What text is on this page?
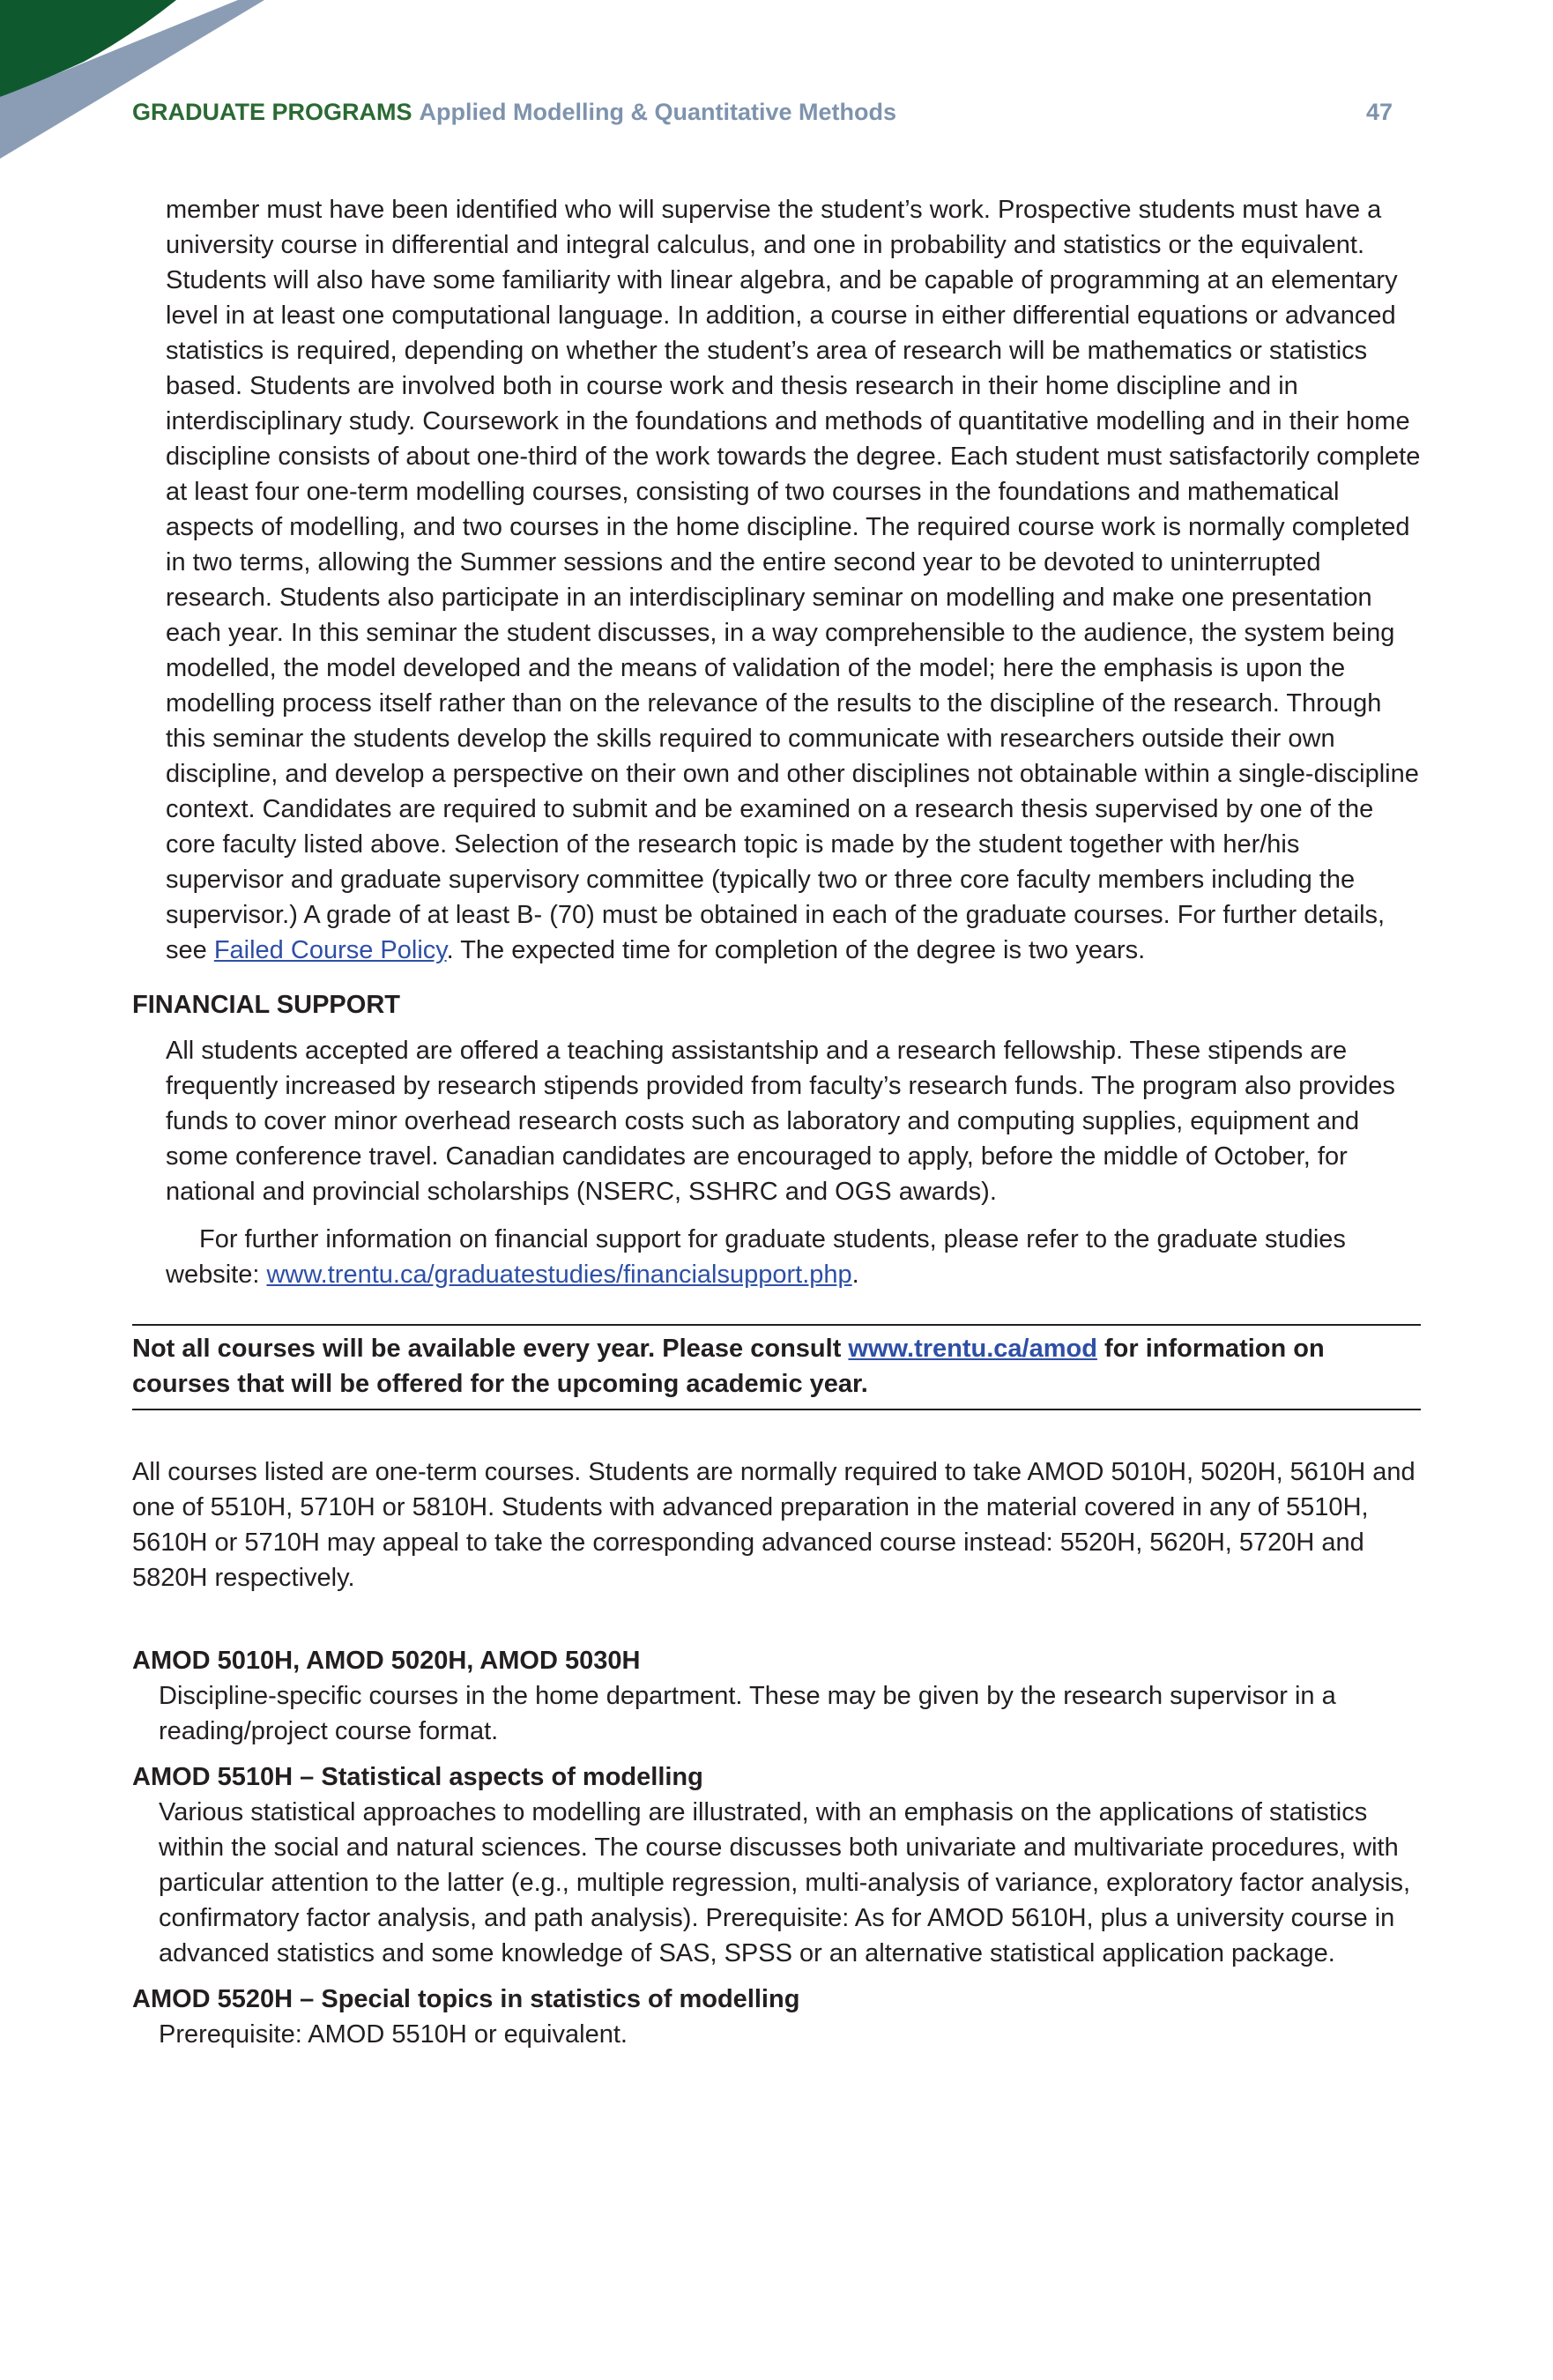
GRADUATE PROGRAMS Applied Modelling & Quantitative Methods	47

member must have been identified who will supervise the student’s work. Prospective students must have a university course in differential and integral calculus, and one in probability and statistics or the equivalent. Students will also have some familiarity with linear algebra, and be capable of programming at an elementary level in at least one computational language. In addition, a course in either differential equations or advanced statistics is required, depending on whether the student’s area of research will be mathematics or statistics based. Students are involved both in course work and thesis research in their home discipline and in interdisciplinary study. Coursework in the foundations and methods of quantitative modelling and in their home discipline consists of about one-third of the work towards the degree. Each student must satisfactorily complete at least four one-term modelling courses, consisting of two courses in the foundations and mathematical aspects of modelling, and two courses in the home discipline. The required course work is normally completed in two terms, allowing the Summer sessions and the entire second year to be devoted to uninterrupted research. Students also participate in an interdisciplinary seminar on modelling and make one presentation each year. In this seminar the student discusses, in a way comprehensible to the audience, the system being modelled, the model developed and the means of validation of the model; here the emphasis is upon the modelling process itself rather than on the relevance of the results to the discipline of the research. Through this seminar the students develop the skills required to communicate with researchers outside their own discipline, and develop a perspective on their own and other disciplines not obtainable within a single-discipline context. Candidates are required to submit and be examined on a research thesis supervised by one of the core faculty listed above. Selection of the research topic is made by the student together with her/his supervisor and graduate supervisory committee (typically two or three core faculty members including the supervisor.) A grade of at least B- (70) must be obtained in each of the graduate courses. For further details, see Failed Course Policy. The expected time for completion of the degree is two years.

FINANCIAL SUPPORT

All students accepted are offered a teaching assistantship and a research fellowship. These stipends are frequently increased by research stipends provided from faculty’s research funds. The program also provides funds to cover minor overhead research costs such as laboratory and computing supplies, equipment and some conference travel. Canadian candidates are encouraged to apply, before the middle of October, for national and provincial scholarships (NSERC, SSHRC and OGS awards).

For further information on financial support for graduate students, please refer to the graduate studies website: www.trentu.ca/graduatestudies/financialsupport.php.

Not all courses will be available every year. Please consult www.trentu.ca/amod for information on courses that will be offered for the upcoming academic year.

All courses listed are one-term courses. Students are normally required to take AMOD 5010H, 5020H, 5610H and one of 5510H, 5710H or 5810H. Students with advanced preparation in the material covered in any of 5510H, 5610H or 5710H may appeal to take the corresponding advanced course instead: 5520H, 5620H, 5720H and 5820H respectively.

AMOD 5010H, AMOD 5020H, AMOD 5030H

Discipline-specific courses in the home department. These may be given by the research supervisor in a reading/project course format.

AMOD 5510H – Statistical aspects of modelling

Various statistical approaches to modelling are illustrated, with an emphasis on the applications of statistics within the social and natural sciences. The course discusses both univariate and multivariate procedures, with particular attention to the latter (e.g., multiple regression, multi-analysis of variance, exploratory factor analysis, confirmatory factor analysis, and path analysis). Prerequisite: As for AMOD 5610H, plus a university course in advanced statistics and some knowledge of SAS, SPSS or an alternative statistical application package.

AMOD 5520H – Special topics in statistics of modelling

Prerequisite: AMOD 5510H or equivalent.
